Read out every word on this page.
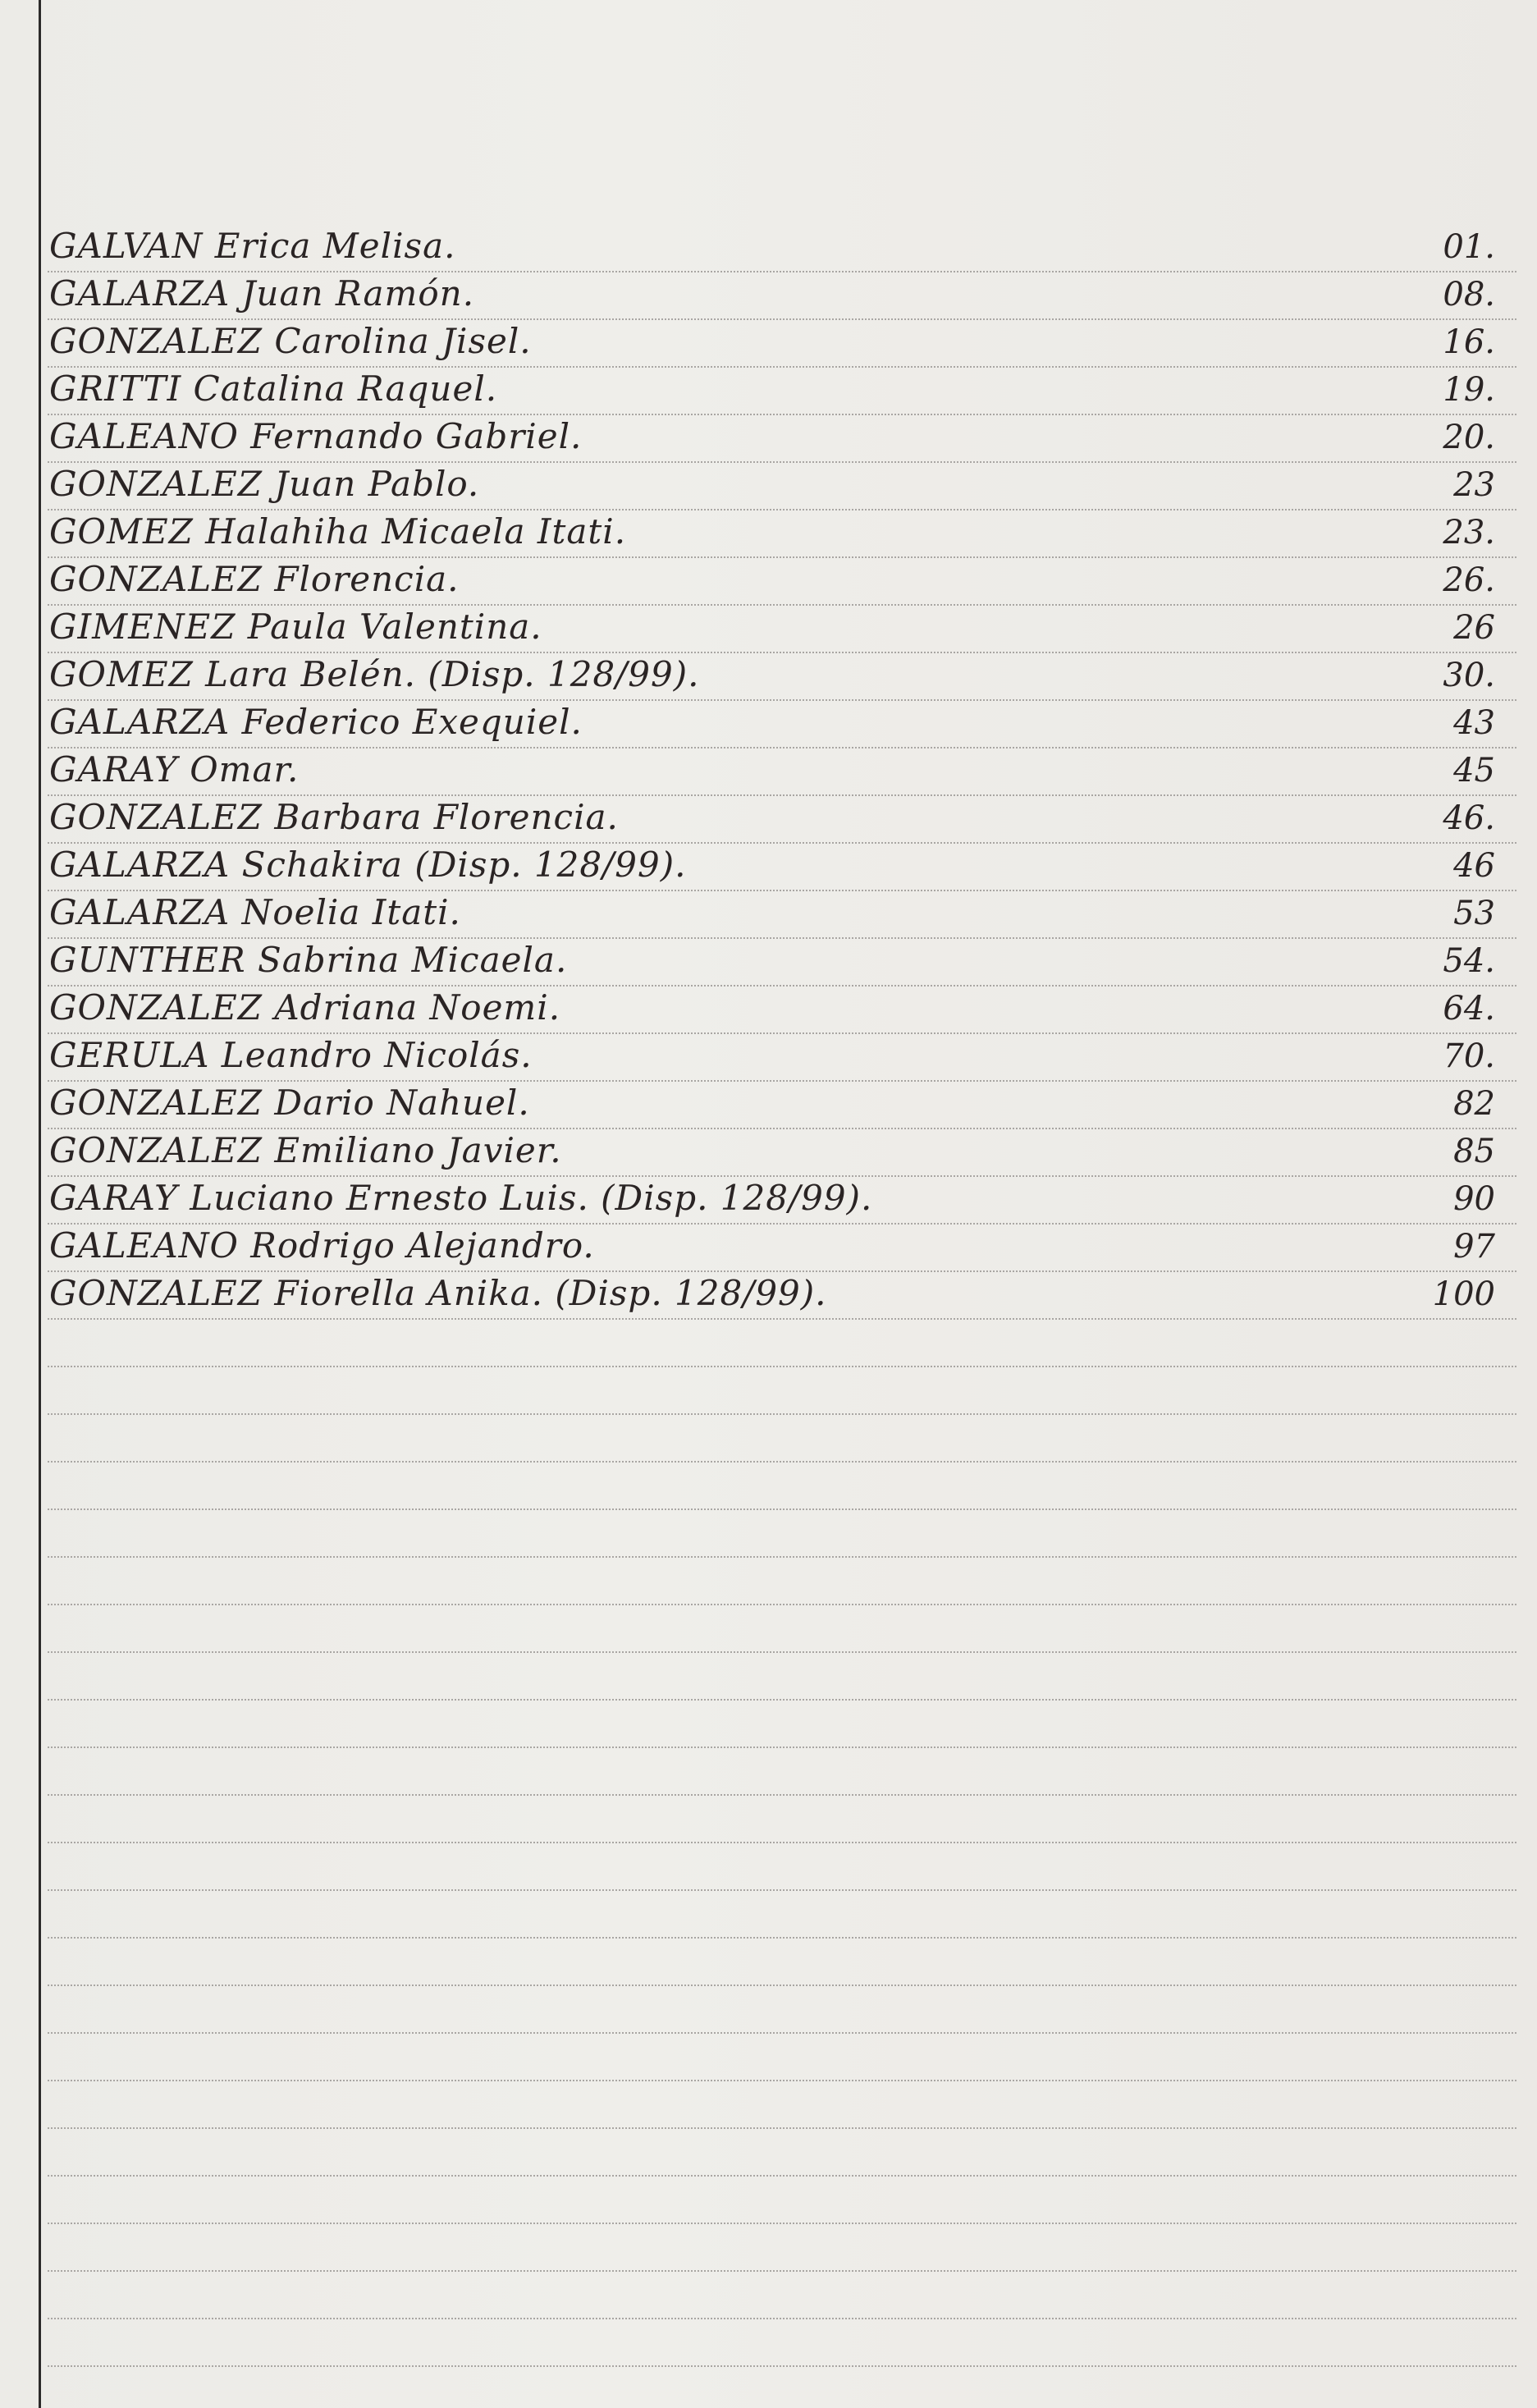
GALVAN Erica Melisa.	01.
GALARZA Juan Ramón.	08.
GONZALEZ Carolina Jisel.	16.
GRITTI Catalina Raquel.	19.
GALEANO Fernando Gabriel.	20.
GONZALEZ Juan Pablo.	23
GOMEZ Halahiha Micaela Itati.	23.
GONZALEZ Florencia.	26.
GIMENEZ Paula Valentina.	26
GOMEZ Lara Belén. (Disp. 128/99).	30.
GALARZA Federico Exequiel.	43
GARAY Omar.	45
GONZALEZ Barbara Florencia.	46.
GALARZA Schakira (Disp. 128/99).	46
GALARZA Noelia Itati.	53
GUNTHER Sabrina Micaela.	54.
GONZALEZ Adriana Noemi.	64.
GERULA Leandro Nicolás.	70.
GONZALEZ Dario Nahuel.	82
GONZALEZ Emiliano Javier.	85
GARAY Luciano Ernesto Luis. (Disp. 128/99).	90
GALEANO Rodrigo Alejandro.	97
GONZALEZ Fiorella Anika. (Disp. 128/99).	100
